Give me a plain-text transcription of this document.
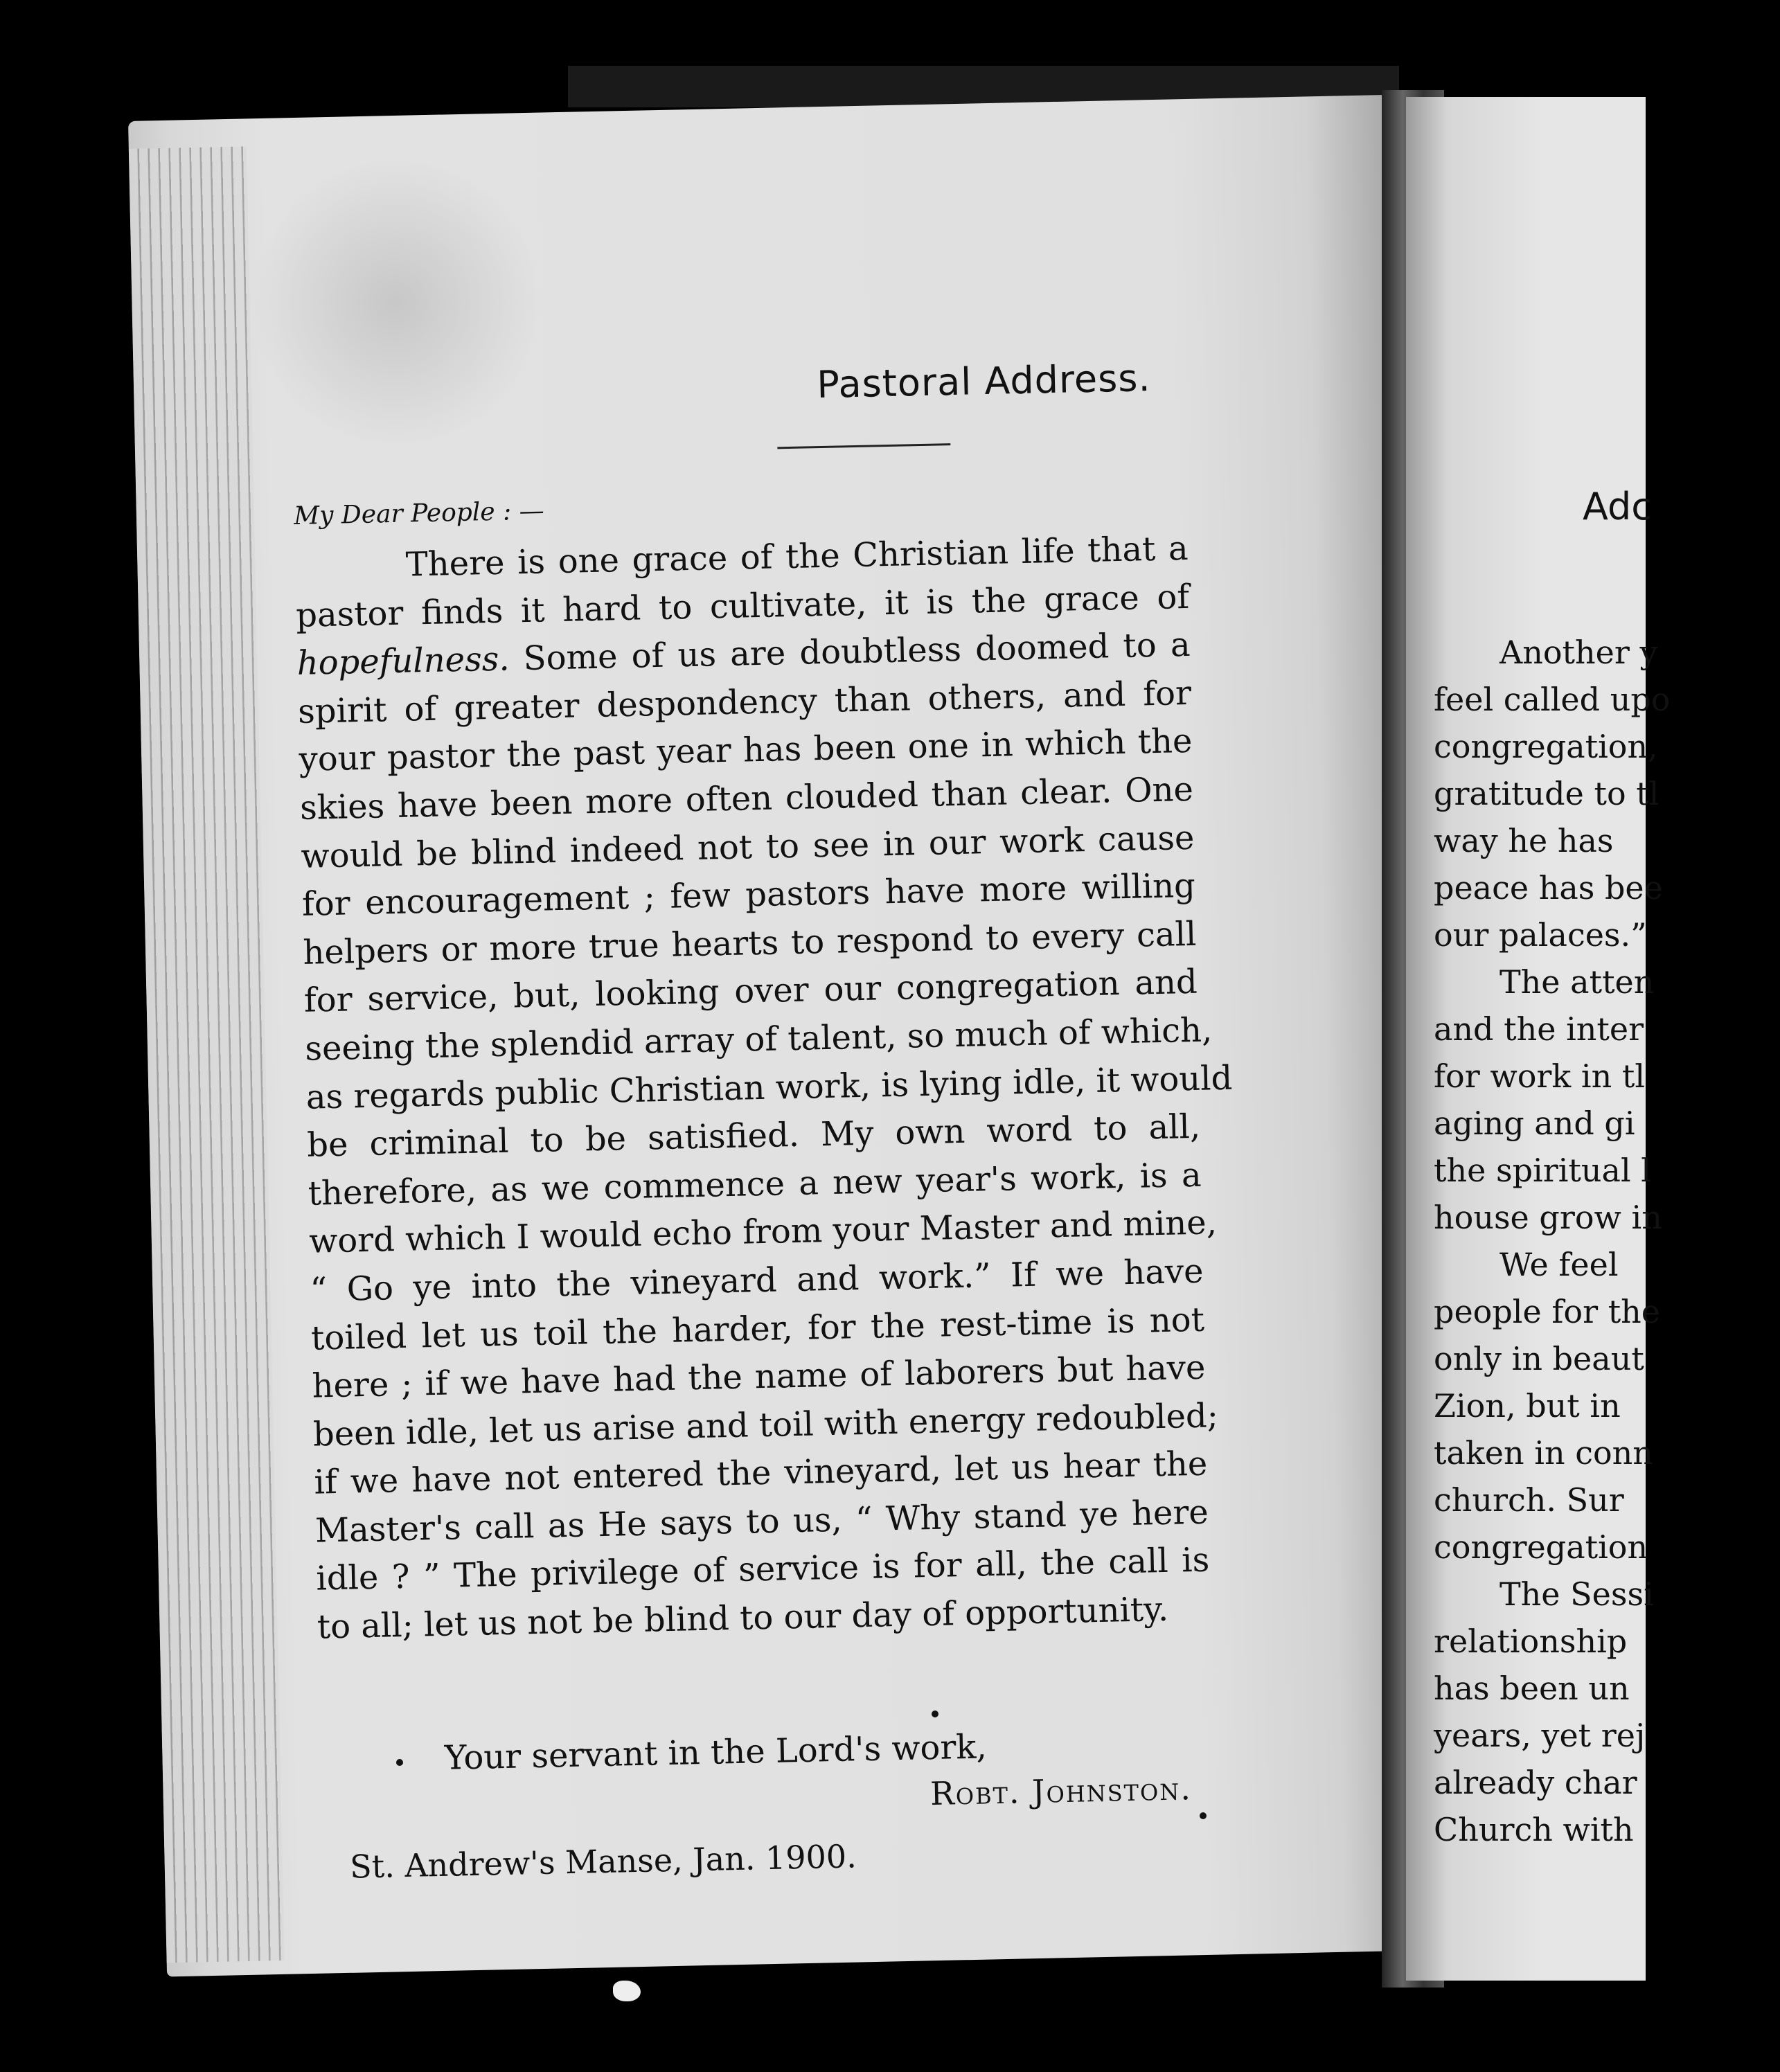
Adc
Another y
feel called upo
congregation,
gratitude to tl
way he has
peace has bee
our palaces.”
The atten
and the inter
for work in tl
aging and gi
the spiritual l
house grow in
We feel
people for the
only in beaut
Zion, but in
taken in conn
church. Sur
congregation
The Sessi
relationship
has been un
years, yet rej
already char
Church with
Pastoral Address.
My Dear People : —
There is one grace of the Christian life that a
pastor finds it hard to cultivate, it is the grace of
hopefulness. Some of us are doubtless doomed to a
spirit of greater despondency than others, and for
your pastor the past year has been one in which the
skies have been more often clouded than clear. One
would be blind indeed not to see in our work cause
for encouragement ; few pastors have more willing
helpers or more true hearts to respond to every call
for service, but, looking over our congregation and
seeing the splendid array of talent, so much of which,
as regards public Christian work, is lying idle, it would
be criminal to be satisfied. My own word to all,
therefore, as we commence a new year's work, is a
word which I would echo from your Master and mine,
“ Go ye into the vineyard and work.” If we have
toiled let us toil the harder, for the rest-time is not
here ; if we have had the name of laborers but have
been idle, let us arise and toil with energy redoubled;
if we have not entered the vineyard, let us hear the
Master's call as He says to us, “ Why stand ye here
idle ? ” The privilege of service is for all, the call is
to all; let us not be blind to our day of opportunity.
Your servant in the Lord's work,
Robt. Johnston.
St. Andrew's Manse, Jan. 1900.
